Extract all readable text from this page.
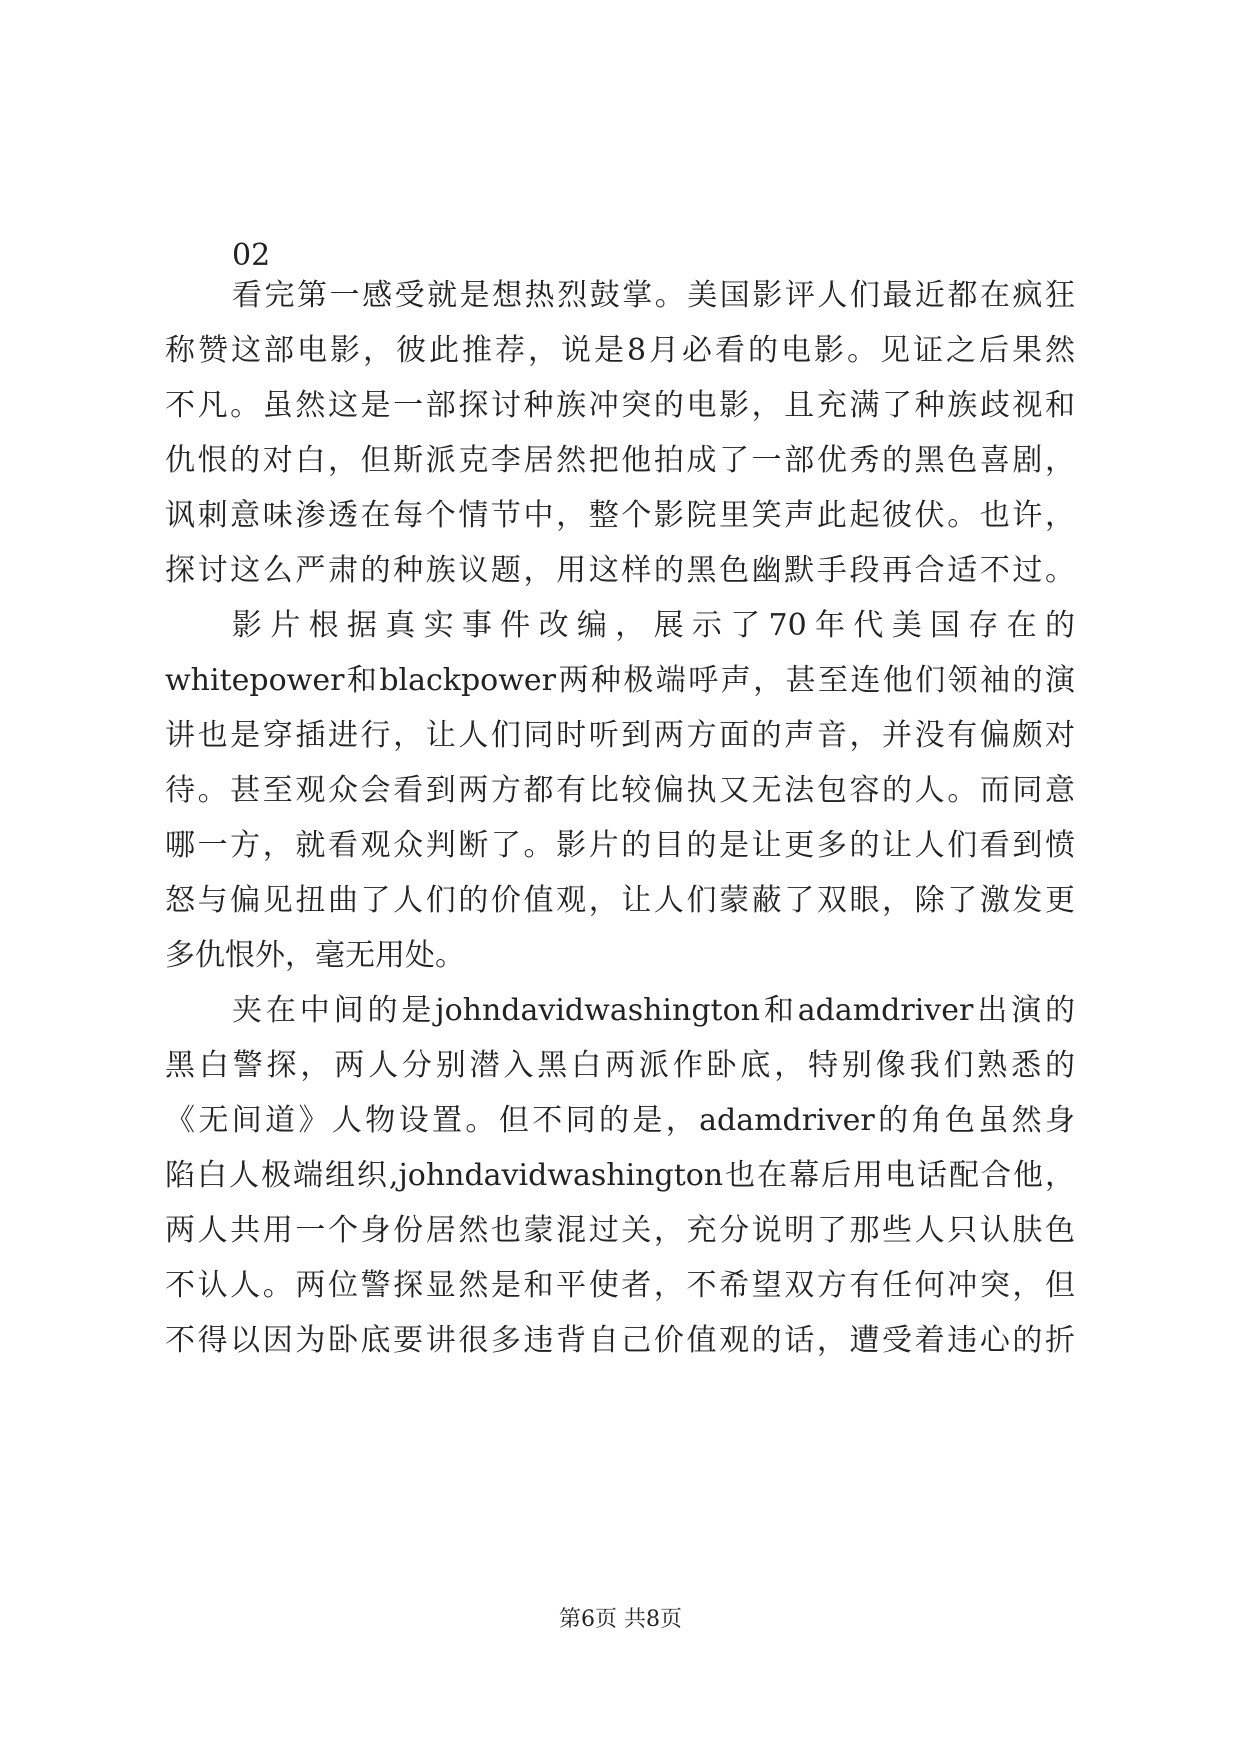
02

看完第一感受就是想热烈鼓掌。美国影评人们最近都在疯狂

称赞这部电影，彼此推荐，说是8月必看的电影。见证之后果然

不凡。虽然这是一部探讨种族冲突的电影，且充满了种族歧视和

仇恨的对白，但斯派克李居然把他拍成了一部优秀的黑色喜剧，

讽刺意味渗透在每个情节中，整个影院里笑声此起彼伏。也许，

探讨这么严肃的种族议题，用这样的黑色幽默手段再合适不过。

影片根据真实事件改编，展示了70年代美国存在的

whitepower和blackpower两种极端呼声，甚至连他们领袖的演

讲也是穿插进行，让人们同时听到两方面的声音，并没有偏颇对

待。甚至观众会看到两方都有比较偏执又无法包容的人。而同意

哪一方，就看观众判断了。影片的目的是让更多的让人们看到愤

怒与偏见扭曲了人们的价值观，让人们蒙蔽了双眼，除了激发更

多仇恨外，毫无用处。

夹在中间的是johndavidwashington和adamdriver出演的

黑白警探，两人分别潜入黑白两派作卧底，特别像我们熟悉的

《无间道》人物设置。但不同的是，adamdriver的角色虽然身

陷白人极端组织,johndavidwashington也在幕后用电话配合他，

两人共用一个身份居然也蒙混过关，充分说明了那些人只认肤色

不认人。两位警探显然是和平使者，不希望双方有任何冲突，但

不得以因为卧底要讲很多违背自己价值观的话，遭受着违心的折

第6页 共8页
